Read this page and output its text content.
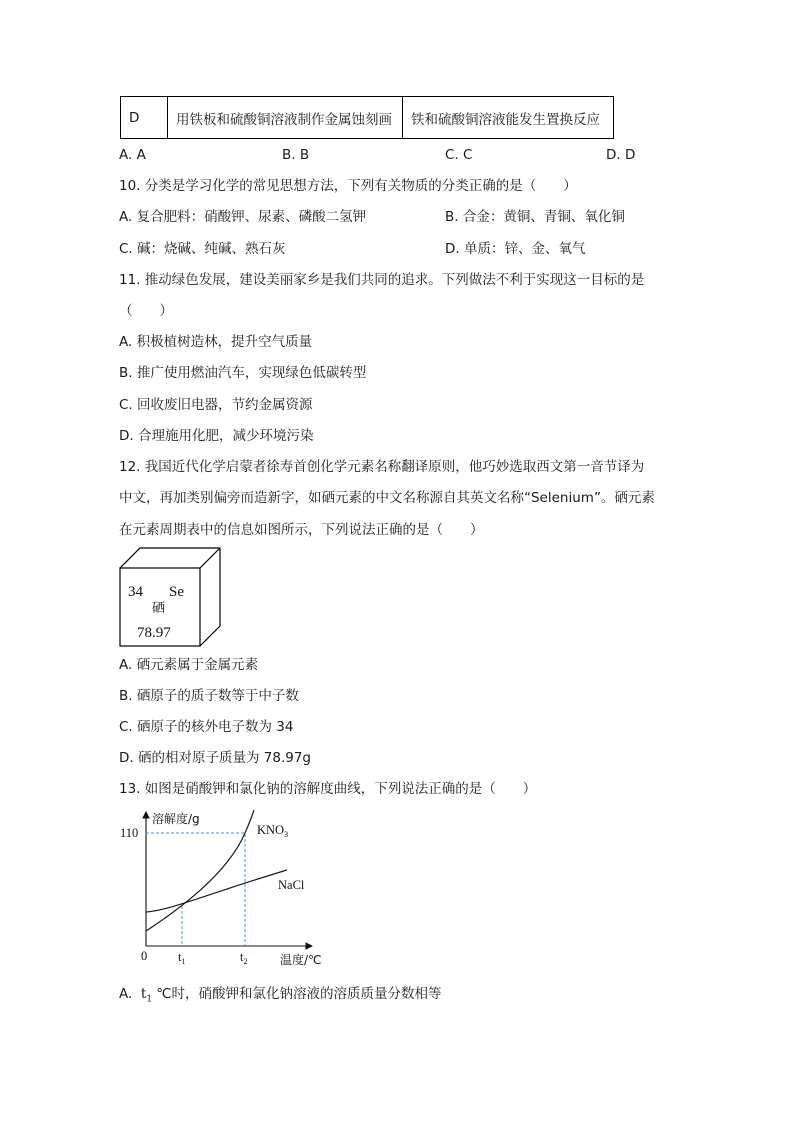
D	用铁板和硫酸铜溶液制作金属蚀刻画	铁和硫酸铜溶液能发生置换反应
A. A	B. B	C. C	D. D
10. 分类是学习化学的常见思想方法，下列有关物质的分类正确的是（　　）
A. 复合肥料：硝酸钾、尿素、磷酸二氢钾	B. 合金：黄铜、青铜、氧化铜
C. 碱：烧碱、纯碱、熟石灰	D. 单质：锌、金、氧气
11. 推动绿色发展，建设美丽家乡是我们共同的追求。下列做法不利于实现这一目标的是
（　　）
A. 积极植树造林，提升空气质量
B. 推广使用燃油汽车，实现绿色低碳转型
C. 回收废旧电器，节约金属资源
D. 合理施用化肥，减少环境污染
12. 我国近代化学启蒙者徐寿首创化学元素名称翻译原则，他巧妙选取西文第一音节译为
中文，再加类别偏旁而造新字，如硒元素的中文名称源自其英文名称“Selenium”。硒元素
在元素周期表中的信息如图所示，下列说法正确的是（　　）
34 Se
硒
78.97
A. 硒元素属于金属元素
B. 硒原子的质子数等于中子数
C. 硒原子的核外电子数为 34
D. 硒的相对原子质量为 78.97g
13. 如图是硝酸钾和氯化钠的溶解度曲线，下列说法正确的是（　　）
溶解度/g
110
0 $t_1$	$t_2$	温度/℃
$KNO_3$
NaCl
A. $t_1$ ℃时，硝酸钾和氯化钠溶液的溶质质量分数相等
